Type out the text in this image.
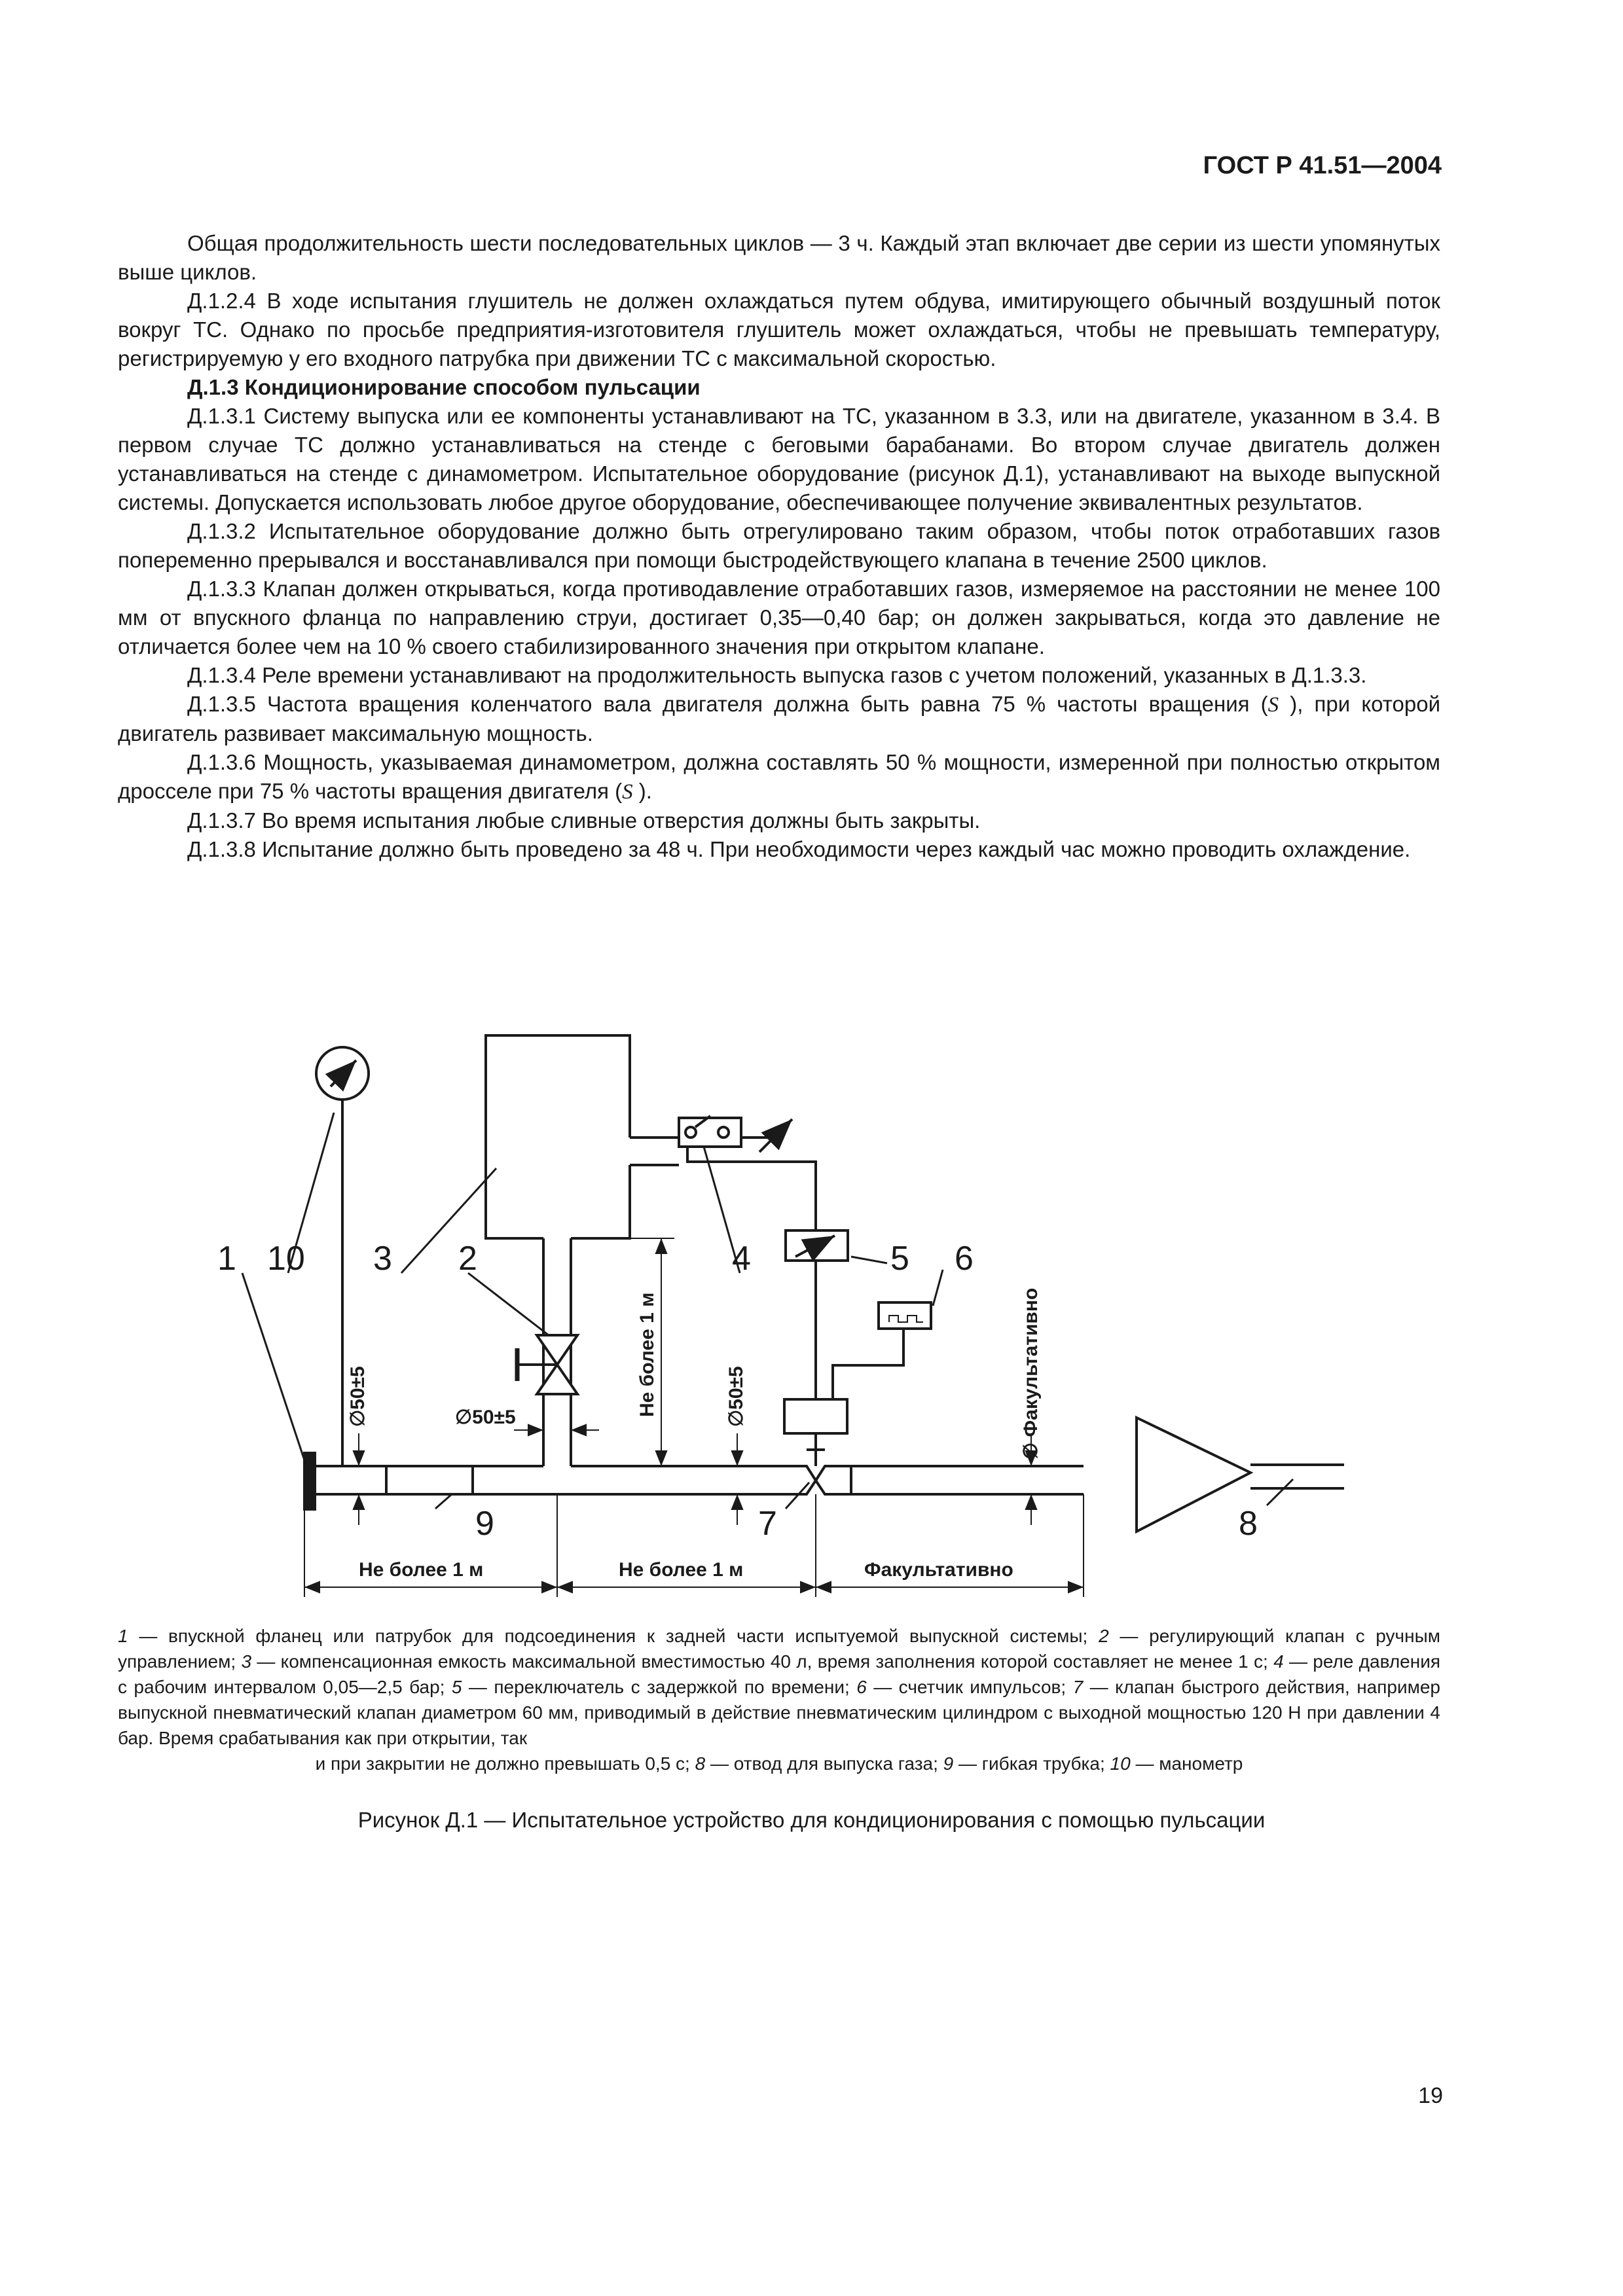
ГОСТ Р 41.51—2004

Общая продолжительность шести последовательных циклов — 3 ч. Каждый этап включает две серии из шести упомянутых выше циклов.

Д.1.2.4 В ходе испытания глушитель не должен охлаждаться путем обдува, имитирующего обычный воздушный поток вокруг ТС. Однако по просьбе предприятия-изготовителя глушитель может охлаждаться, чтобы не превышать температуру, регистрируемую у его входного патрубка при движении ТС с максимальной скоростью.

Д.1.3 Кондиционирование способом пульсации

Д.1.3.1 Систему выпуска или ее компоненты устанавливают на ТС, указанном в 3.3, или на двигателе, указанном в 3.4. В первом случае ТС должно устанавливаться на стенде с беговыми барабанами. Во втором случае двигатель должен устанавливаться на стенде с динамометром. Испытательное оборудование (рисунок Д.1), устанавливают на выходе выпускной системы. Допускается использовать любое другое оборудование, обеспечивающее получение эквивалентных результатов.

Д.1.3.2 Испытательное оборудование должно быть отрегулировано таким образом, чтобы поток отработавших газов попеременно прерывался и восстанавливался при помощи быстродействующего клапана в течение 2500 циклов.

Д.1.3.3 Клапан должен открываться, когда противодавление отработавших газов, измеряемое на расстоянии не менее 100 мм от впускного фланца по направлению струи, достигает 0,35—0,40 бар; он должен закрываться, когда это давление не отличается более чем на 10 % своего стабилизированного значения при открытом клапане.

Д.1.3.4 Реле времени устанавливают на продолжительность выпуска газов с учетом положений, указанных в Д.1.3.3.

Д.1.3.5 Частота вращения коленчатого вала двигателя должна быть равна 75 % частоты вращения (S ), при которой двигатель развивает максимальную мощность.

Д.1.3.6 Мощность, указываемая динамометром, должна составлять 50 % мощности, измеренной при полностью открытом дросселе при 75 % частоты вращения двигателя (S ).

Д.1.3.7 Во время испытания любые сливные отверстия должны быть закрыты.

Д.1.3.8 Испытание должно быть проведено за 48 ч. При необходимости через каждый час можно проводить охлаждение.

1 10 3 2	4	5 6
7	8
9
∅50±5	∅50±5	∅50±5
Не более 1 м	∅ Факультативно
Не более 1 м	Не более 1 м	Факультативно
1 — впускной фланец или патрубок для подсоединения к задней части испытуемой выпускной системы; 2 — регулирующий клапан с ручным управлением; 3 — компенсационная емкость максимальной вместимостью 40 л, время заполнения которой составляет не менее 1 с; 4 — реле давления с рабочим интервалом 0,05—2,5 бар; 5 — переключатель с задержкой по времени; 6 — счетчик импульсов; 7 — клапан быстрого действия, например выпускной пневматический клапан диаметром 60 мм, приводимый в действие пневматическим цилиндром с выходной мощностью 120 Н при давлении 4 бар. Время срабатывания как при открытии, так
и при закрытии не должно превышать 0,5 с; 8 — отвод для выпуска газа; 9 — гибкая трубка; 10 — манометр
Рисунок Д.1 — Испытательное устройство для кондиционирования с помощью пульсации
19
